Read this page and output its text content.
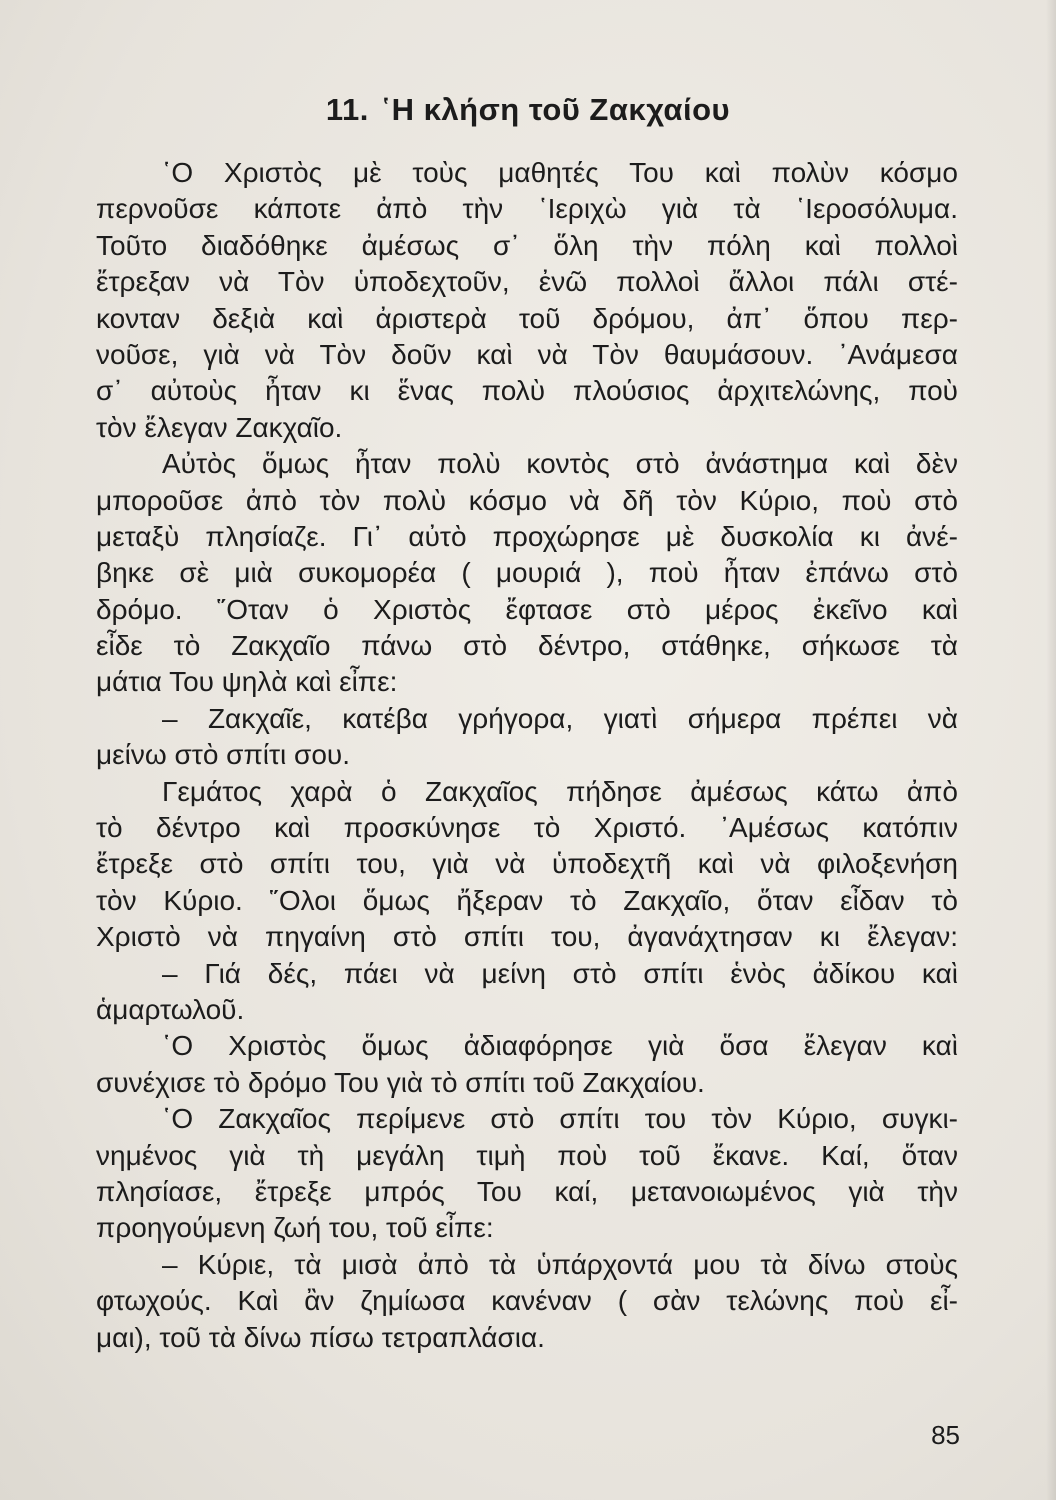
11. ῾Η κλήση τοῦ Ζακχαίου
῾Ο Χριστὸς μὲ τοὺς μαθητές Του καὶ πολὺν κόσμο
περνοῦσε κάποτε ἀπὸ τὴν ῾Ιεριχὼ γιὰ τὰ ῾Ιεροσόλυμα.
Τοῦτο διαδόθηκε ἀμέσως σ᾽ ὅλη τὴν πόλη καὶ πολλοὶ
ἔτρεξαν νὰ Τὸν ὑποδεχτοῦν, ἐνῶ πολλοὶ ἄλλοι πάλι στέ-
κονταν δεξιὰ καὶ ἀριστερὰ τοῦ δρόμου, ἀπ᾽ ὅπου περ-
νοῦσε, γιὰ νὰ Τὸν δοῦν καὶ νὰ Τὸν θαυμάσουν. ᾽Ανάμεσα
σ᾽ αὐτοὺς ἦταν κι ἕνας πολὺ πλούσιος ἀρχιτελώνης, ποὺ
τὸν ἔλεγαν Ζακχαῖο.
Αὐτὸς ὅμως ἦταν πολὺ κοντὸς στὸ ἀνάστημα καὶ δὲν
μποροῦσε ἀπὸ τὸν πολὺ κόσμο νὰ δῆ τὸν Κύριο, ποὺ στὸ
μεταξὺ πλησίαζε. Γι᾽ αὐτὸ προχώρησε μὲ δυσκολία κι ἀνέ-
βηκε σὲ μιὰ συκομορέα ( μουριά ), ποὺ ἦταν ἐπάνω στὸ
δρόμο. ῞Οταν ὁ Χριστὸς ἔφτασε στὸ μέρος ἐκεῖνο καὶ
εἶδε τὸ Ζακχαῖο πάνω στὸ δέντρο, στάθηκε, σήκωσε τὰ
μάτια Του ψηλὰ καὶ εἶπε:
– Ζακχαῖε, κατέβα γρήγορα, γιατὶ σήμερα πρέπει νὰ
μείνω στὸ σπίτι σου.
Γεμάτος χαρὰ ὁ Ζακχαῖος πήδησε ἀμέσως κάτω ἀπὸ
τὸ δέντρο καὶ προσκύνησε τὸ Χριστό. ᾽Αμέσως κατόπιν
ἔτρεξε στὸ σπίτι του, γιὰ νὰ ὑποδεχτῆ καὶ νὰ φιλοξενήση
τὸν Κύριο. ῞Ολοι ὅμως ἤξεραν τὸ Ζακχαῖο, ὅταν εἶδαν τὸ
Χριστὸ νὰ πηγαίνη στὸ σπίτι του, ἀγανάχτησαν κι ἔλεγαν:
– Γιά δές, πάει νὰ μείνη στὸ σπίτι ἑνὸς ἀδίκου καὶ
ἁμαρτωλοῦ.
῾Ο Χριστὸς ὅμως ἀδιαφόρησε γιὰ ὅσα ἔλεγαν καὶ
συνέχισε τὸ δρόμο Του γιὰ τὸ σπίτι τοῦ Ζακχαίου.
῾Ο Ζακχαῖος περίμενε στὸ σπίτι του τὸν Κύριο, συγκι-
νημένος γιὰ τὴ μεγάλη τιμὴ ποὺ τοῦ ἔκανε. Καί, ὅταν
πλησίασε, ἔτρεξε μπρός Του καί, μετανοιωμένος γιὰ τὴν
προηγούμενη ζωή του, τοῦ εἶπε:
– Κύριε, τὰ μισὰ ἀπὸ τὰ ὑπάρχοντά μου τὰ δίνω στοὺς
φτωχούς. Καὶ ἂν ζημίωσα κανέναν ( σὰν τελώνης ποὺ εἶ-
μαι), τοῦ τὰ δίνω πίσω τετραπλάσια.
85
